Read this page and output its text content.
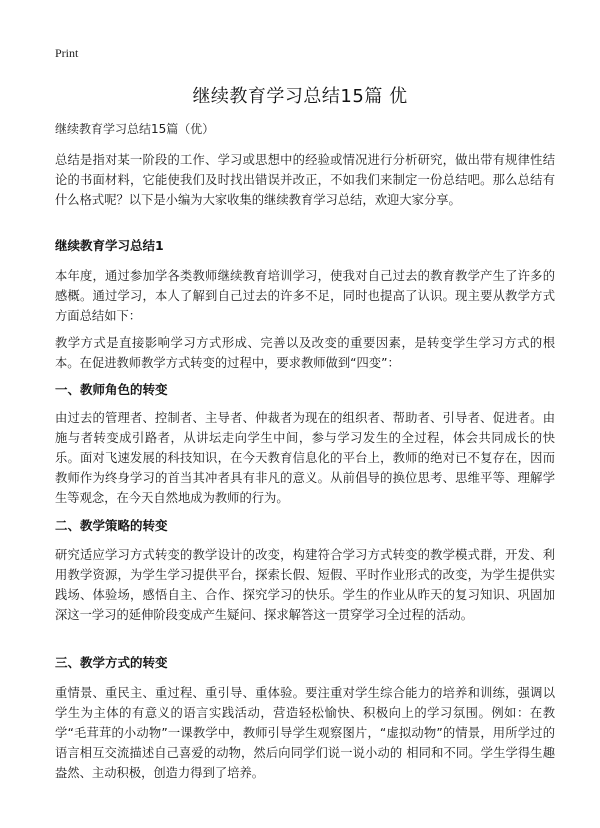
Print
继续教育学习总结15篇 优
继续教育学习总结15篇（优）

总结是指对某一阶段的工作、学习或思想中的经验或情况进行分析研究，做出带有规律性结论的书面材料，它能使我们及时找出错误并改正，不如我们来制定一份总结吧。那么总结有什么格式呢？以下是小编为大家收集的继续教育学习总结，欢迎大家分享。

继续教育学习总结1

本年度，通过参加学各类教师继续教育培训学习，使我对自己过去的教育教学产生了许多的感概。通过学习，本人了解到自己过去的许多不足，同时也提高了认识。现主要从教学方式方面总结如下：

教学方式是直接影响学习方式形成、完善以及改变的重要因素，是转变学生学习方式的根本。在促进教师教学方式转变的过程中，要求教师做到“四变”：

一、教师角色的转变

由过去的管理者、控制者、主导者、仲裁者为现在的组织者、帮助者、引导者、促进者。由施与者转变成引路者，从讲坛走向学生中间，参与学习发生的全过程，体会共同成长的快乐。面对飞速发展的科技知识，在今天教育信息化的平台上，教师的绝对已不复存在，因而教师作为终身学习的首当其冲者具有非凡的意义。从前倡导的换位思考、思维平等、理解学生等观念，在今天自然地成为教师的行为。

二、教学策略的转变

研究适应学习方式转变的教学设计的改变，构建符合学习方式转变的教学模式群，开发、利用教学资源，为学生学习提供平台，探索长假、短假、平时作业形式的改变，为学生提供实践场、体验场，感悟自主、合作、探究学习的快乐。学生的作业从昨天的复习知识、巩固加深这一学习的延伸阶段变成产生疑问、探求解答这一贯穿学习全过程的活动。

三、教学方式的转变

重情景、重民主、重过程、重引导、重体验。要注重对学生综合能力的培养和训练，强调以学生为主体的有意义的语言实践活动，营造轻松愉快、积极向上的学习氛围。例如：在教学“毛茸茸的小动物”一课教学中，教师引导学生观察图片，“虚拟动物”的情景，用所学过的语言相互交流描述自己喜爱的动物，然后向同学们说一说小动的 相同和不同。学生学得生趣盎然、主动积极，创造力得到了培养。
